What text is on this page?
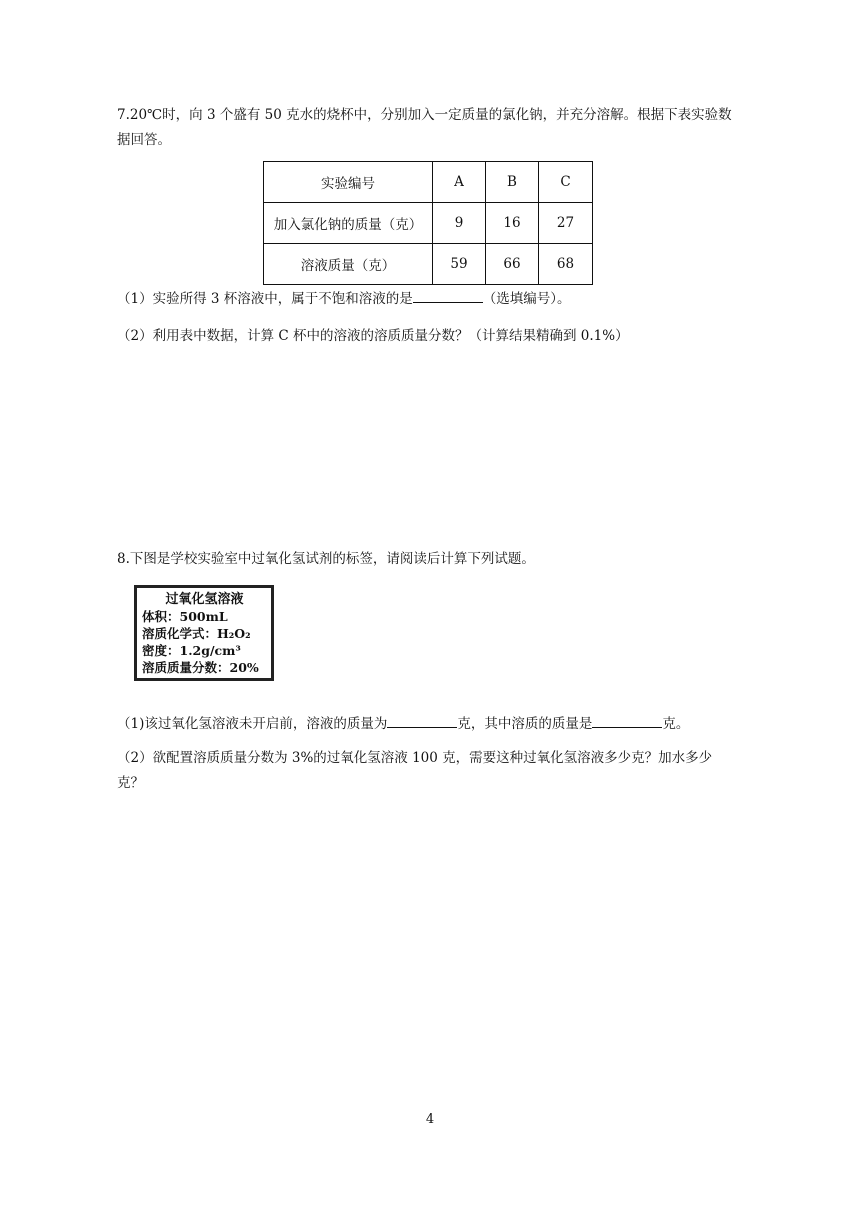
7.20℃时，向 3 个盛有 50 克水的烧杯中，分别加入一定质量的氯化钠，并充分溶解。根据下表实验数据回答。
实验编号	A	B	C
加入氯化钠的质量（克）	9	16	27
溶液质量（克）	59	66	68
（1）实验所得 3 杯溶液中，属于不饱和溶液的是	（选填编号）。
（2）利用表中数据，计算 C 杯中的溶液的溶质质量分数？（计算结果精确到 0.1%）
8.下图是学校实验室中过氧化氢试剂的标签，请阅读后计算下列试题。
过氧化氢溶液
体积：500mL
溶质化学式：H₂O₂
密度：1.2g/cm³
溶质质量分数：20%
（1)该过氧化氢溶液未开启前，溶液的质量为	克，其中溶质的质量是	克。
（2）欲配置溶质质量分数为 3%的过氧化氢溶液 100 克，需要这种过氧化氢溶液多少克？加水多少克？
4
